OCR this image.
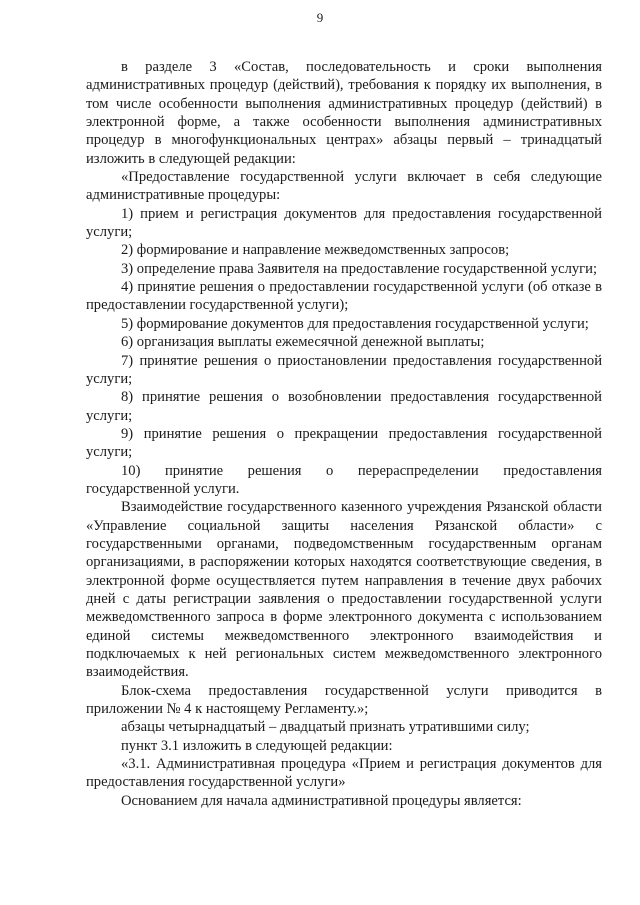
9

в разделе 3 «Состав, последовательность и сроки выполнения административных процедур (действий), требования к порядку их выполнения, в том числе особенности выполнения административных процедур (действий) в электронной форме, а также особенности выполнения административных процедур в многофункциональных центрах» абзацы первый – тринадцатый изложить в следующей редакции:

«Предоставление государственной услуги включает в себя следующие административные процедуры:

1) прием и регистрация документов для предоставления государственной услуги;

2) формирование и направление межведомственных запросов;

3) определение права Заявителя на предоставление государственной услуги;

4) принятие решения о предоставлении государственной услуги (об отказе в предоставлении государственной услуги);

5) формирование документов для предоставления государственной услуги;

6) организация выплаты ежемесячной денежной выплаты;

7) принятие решения о приостановлении предоставления государственной услуги;

8) принятие решения о возобновлении предоставления государственной услуги;

9) принятие решения о прекращении предоставления государственной услуги;

10) принятие решения о перераспределении предоставления государственной услуги.

Взаимодействие государственного казенного учреждения Рязанской области «Управление социальной защиты населения Рязанской области» с государственными органами, подведомственным государственным органам организациями, в распоряжении которых находятся соответствующие сведения, в электронной форме осуществляется путем направления в течение двух рабочих дней с даты регистрации заявления о предоставлении государственной услуги межведомственного запроса в форме электронного документа с использованием единой системы межведомственного электронного взаимодействия и подключаемых к ней региональных систем межведомственного электронного взаимодействия.

Блок-схема предоставления государственной услуги приводится в приложении № 4 к настоящему Регламенту.»;

абзацы четырнадцатый – двадцатый признать утратившими силу;

пункт 3.1 изложить в следующей редакции:

«3.1. Административная процедура «Прием и регистрация документов для предоставления государственной услуги»

Основанием для начала административной процедуры является:
